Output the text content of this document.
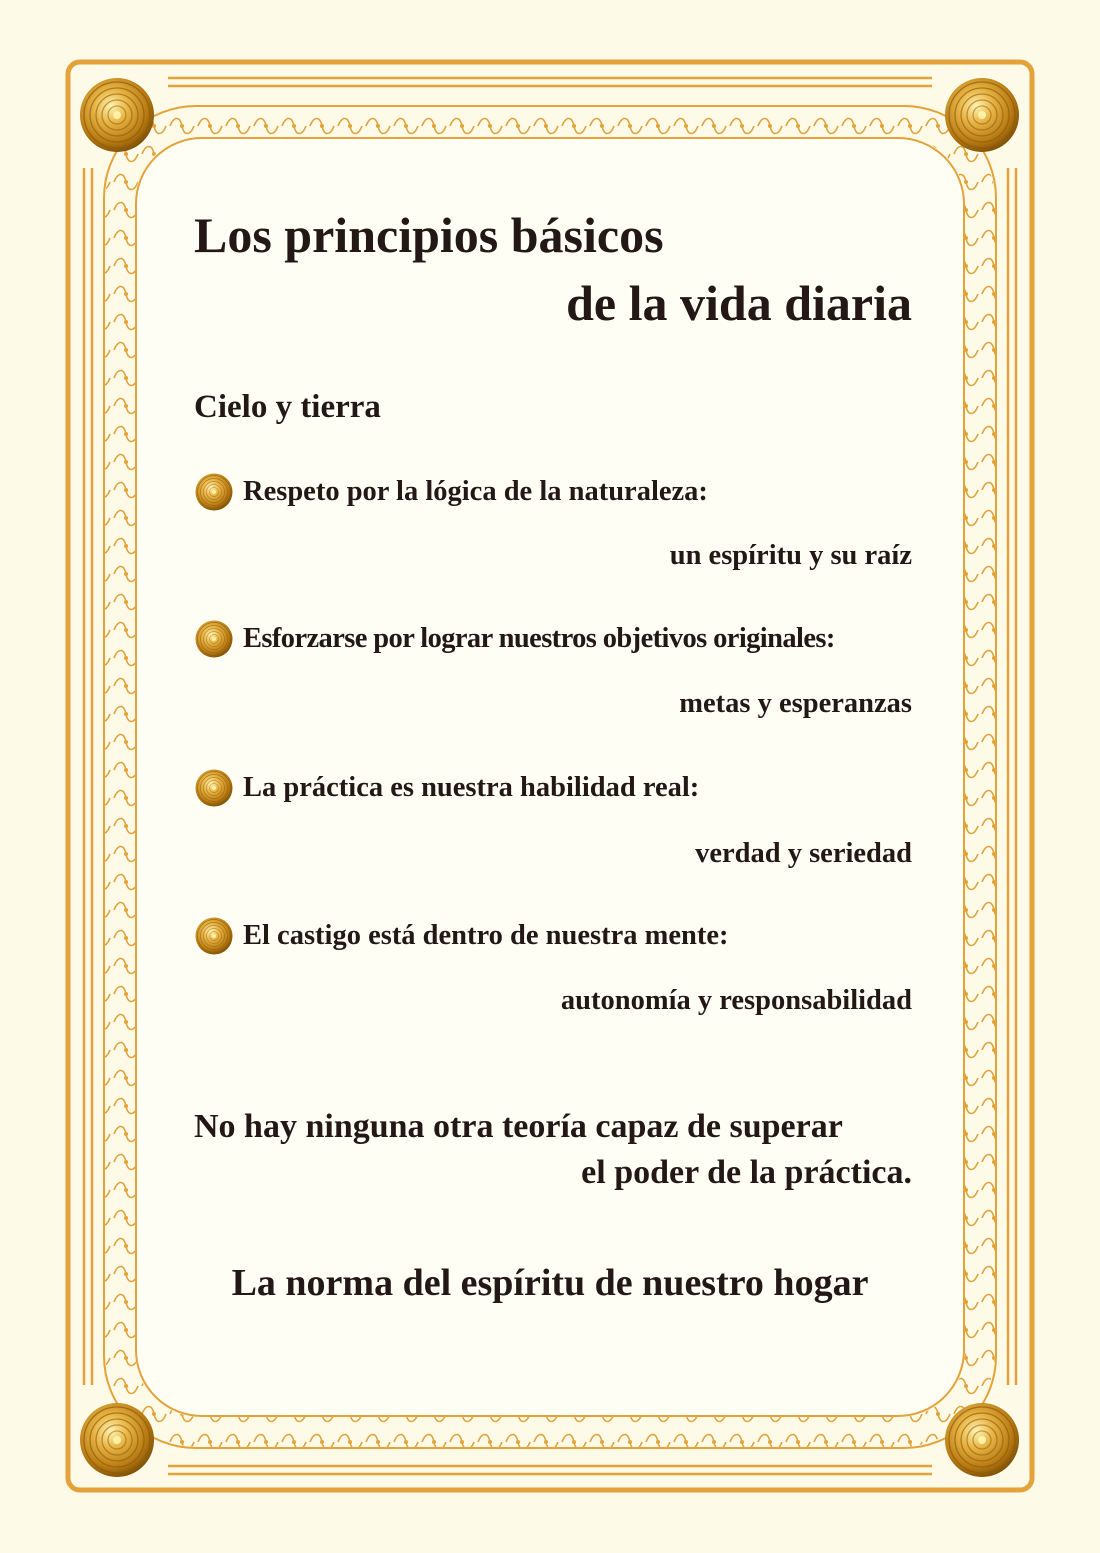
Los principios básicos
de la vida diaria
Cielo y tierra
Respeto por la lógica de la naturaleza:

un espíritu y su raíz

Esforzarse por lograr nuestros objetivos originales:

metas y esperanzas

La práctica es nuestra habilidad real:

verdad y seriedad

El castigo está dentro de nuestra mente:

autonomía y responsabilidad

No hay ninguna otra teoría capaz de superar

el poder de la práctica.

La norma del espíritu de nuestro hogar
